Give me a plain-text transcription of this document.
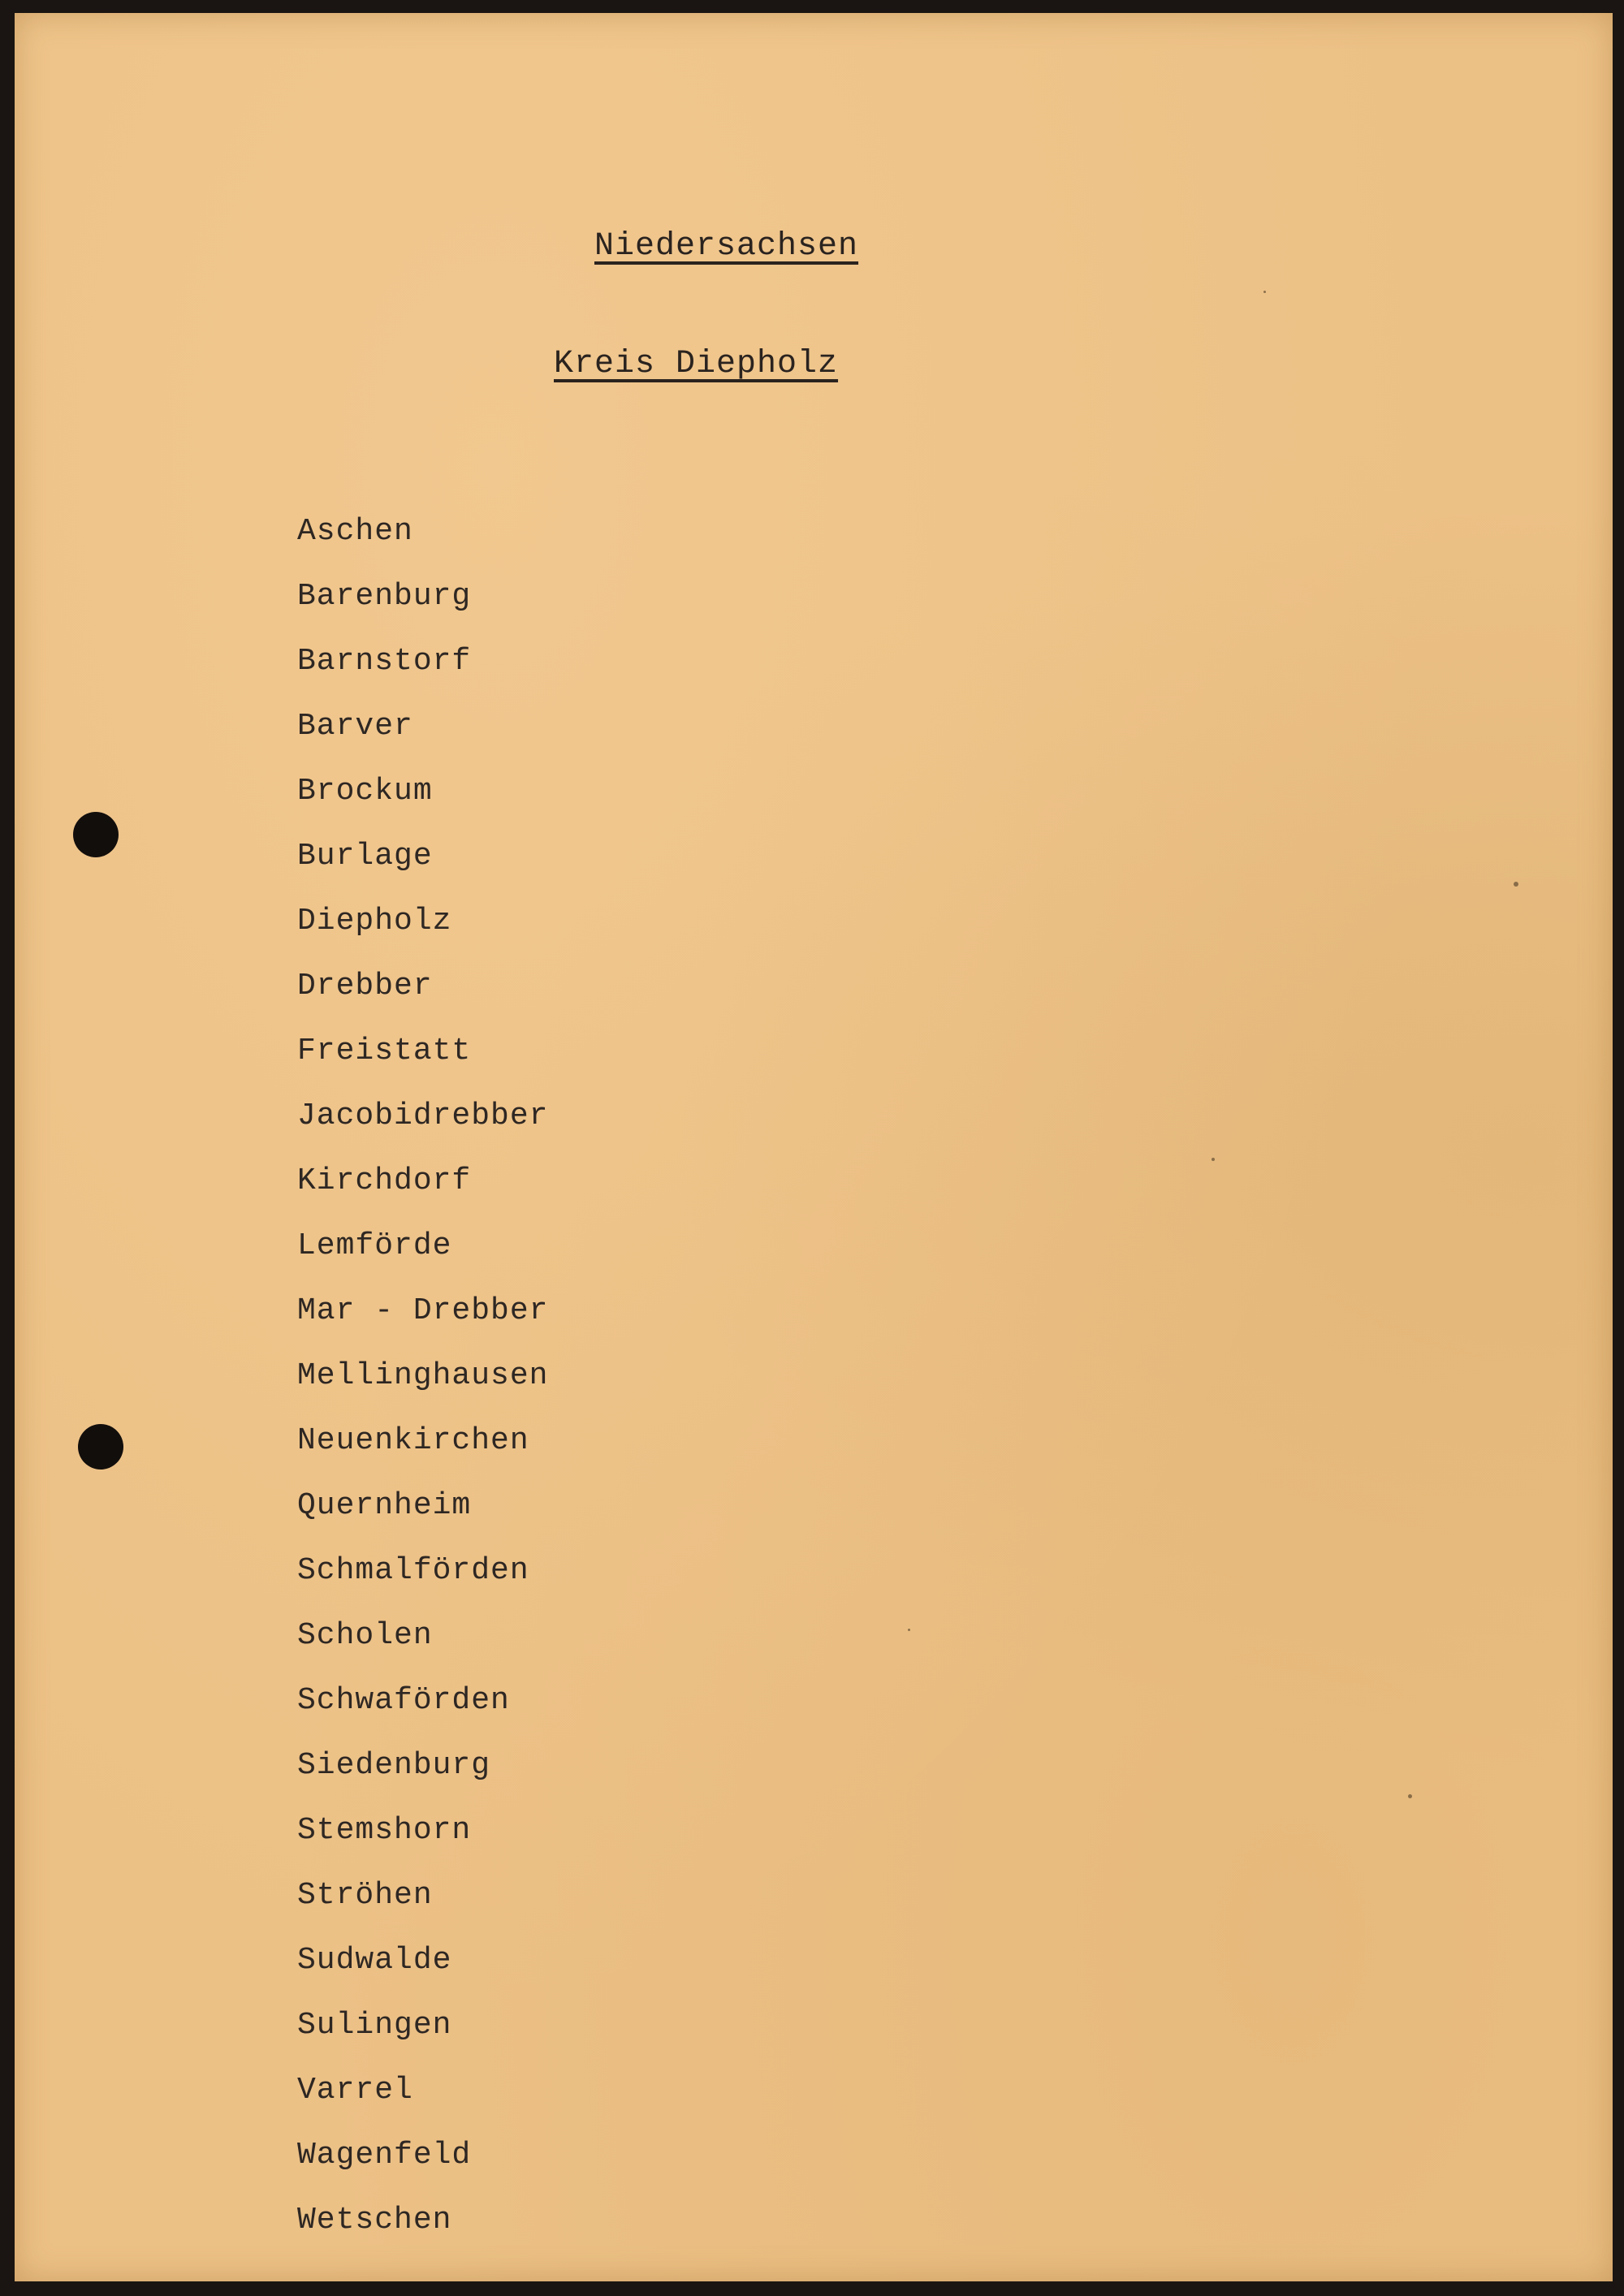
Niedersachsen
Kreis Diepholz
Aschen
Barenburg
Barnstorf
Barver
Brockum
Burlage
Diepholz
Drebber
Freistatt
Jacobidrebber
Kirchdorf
Lemförde
Mar - Drebber
Mellinghausen
Neuenkirchen
Quernheim
Schmalförden
Scholen
Schwaförden
Siedenburg
Stemshorn
Ströhen
Sudwalde
Sulingen
Varrel
Wagenfeld
Wetschen
